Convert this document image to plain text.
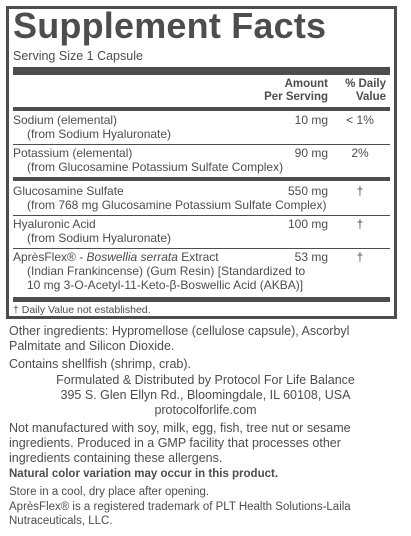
Supplement Facts
Serving Size 1 Capsule
Amount
Per Serving
% Daily
Value
Sodium (elemental)
(from Sodium Hyaluronate)
10 mg	< 1%
Potassium (elemental)
(from Glucosamine Potassium Sulfate Complex)
90 mg	2%
Glucosamine Sulfate
(from 768 mg Glucosamine Potassium Sulfate Complex)
550 mg	†
Hyaluronic Acid
(from Sodium Hyaluronate)
100 mg	†
AprèsFlex® - Boswellia serrata Extract
(Indian Frankincense) (Gum Resin) [Standardized to
10 mg 3-O-Acetyl-11-Keto-β-Boswellic Acid (AKBA)]
53 mg	†
† Daily Value not established.
Other ingredients: Hypromellose (cellulose capsule), Ascorbyl
Palmitate and Silicon Dioxide.
Contains shellfish (shrimp, crab).
Formulated & Distributed by Protocol For Life Balance
395 S. Glen Ellyn Rd., Bloomingdale, IL 60108, USA
protocolforlife.com
Not manufactured with soy, milk, egg, fish, tree nut or sesame
ingredients. Produced in a GMP facility that processes other
ingredients containing these allergens.
Natural color variation may occur in this product.
Store in a cool, dry place after opening.
AprèsFlex® is a registered trademark of PLT Health Solutions-Laila
Nutraceuticals, LLC.
